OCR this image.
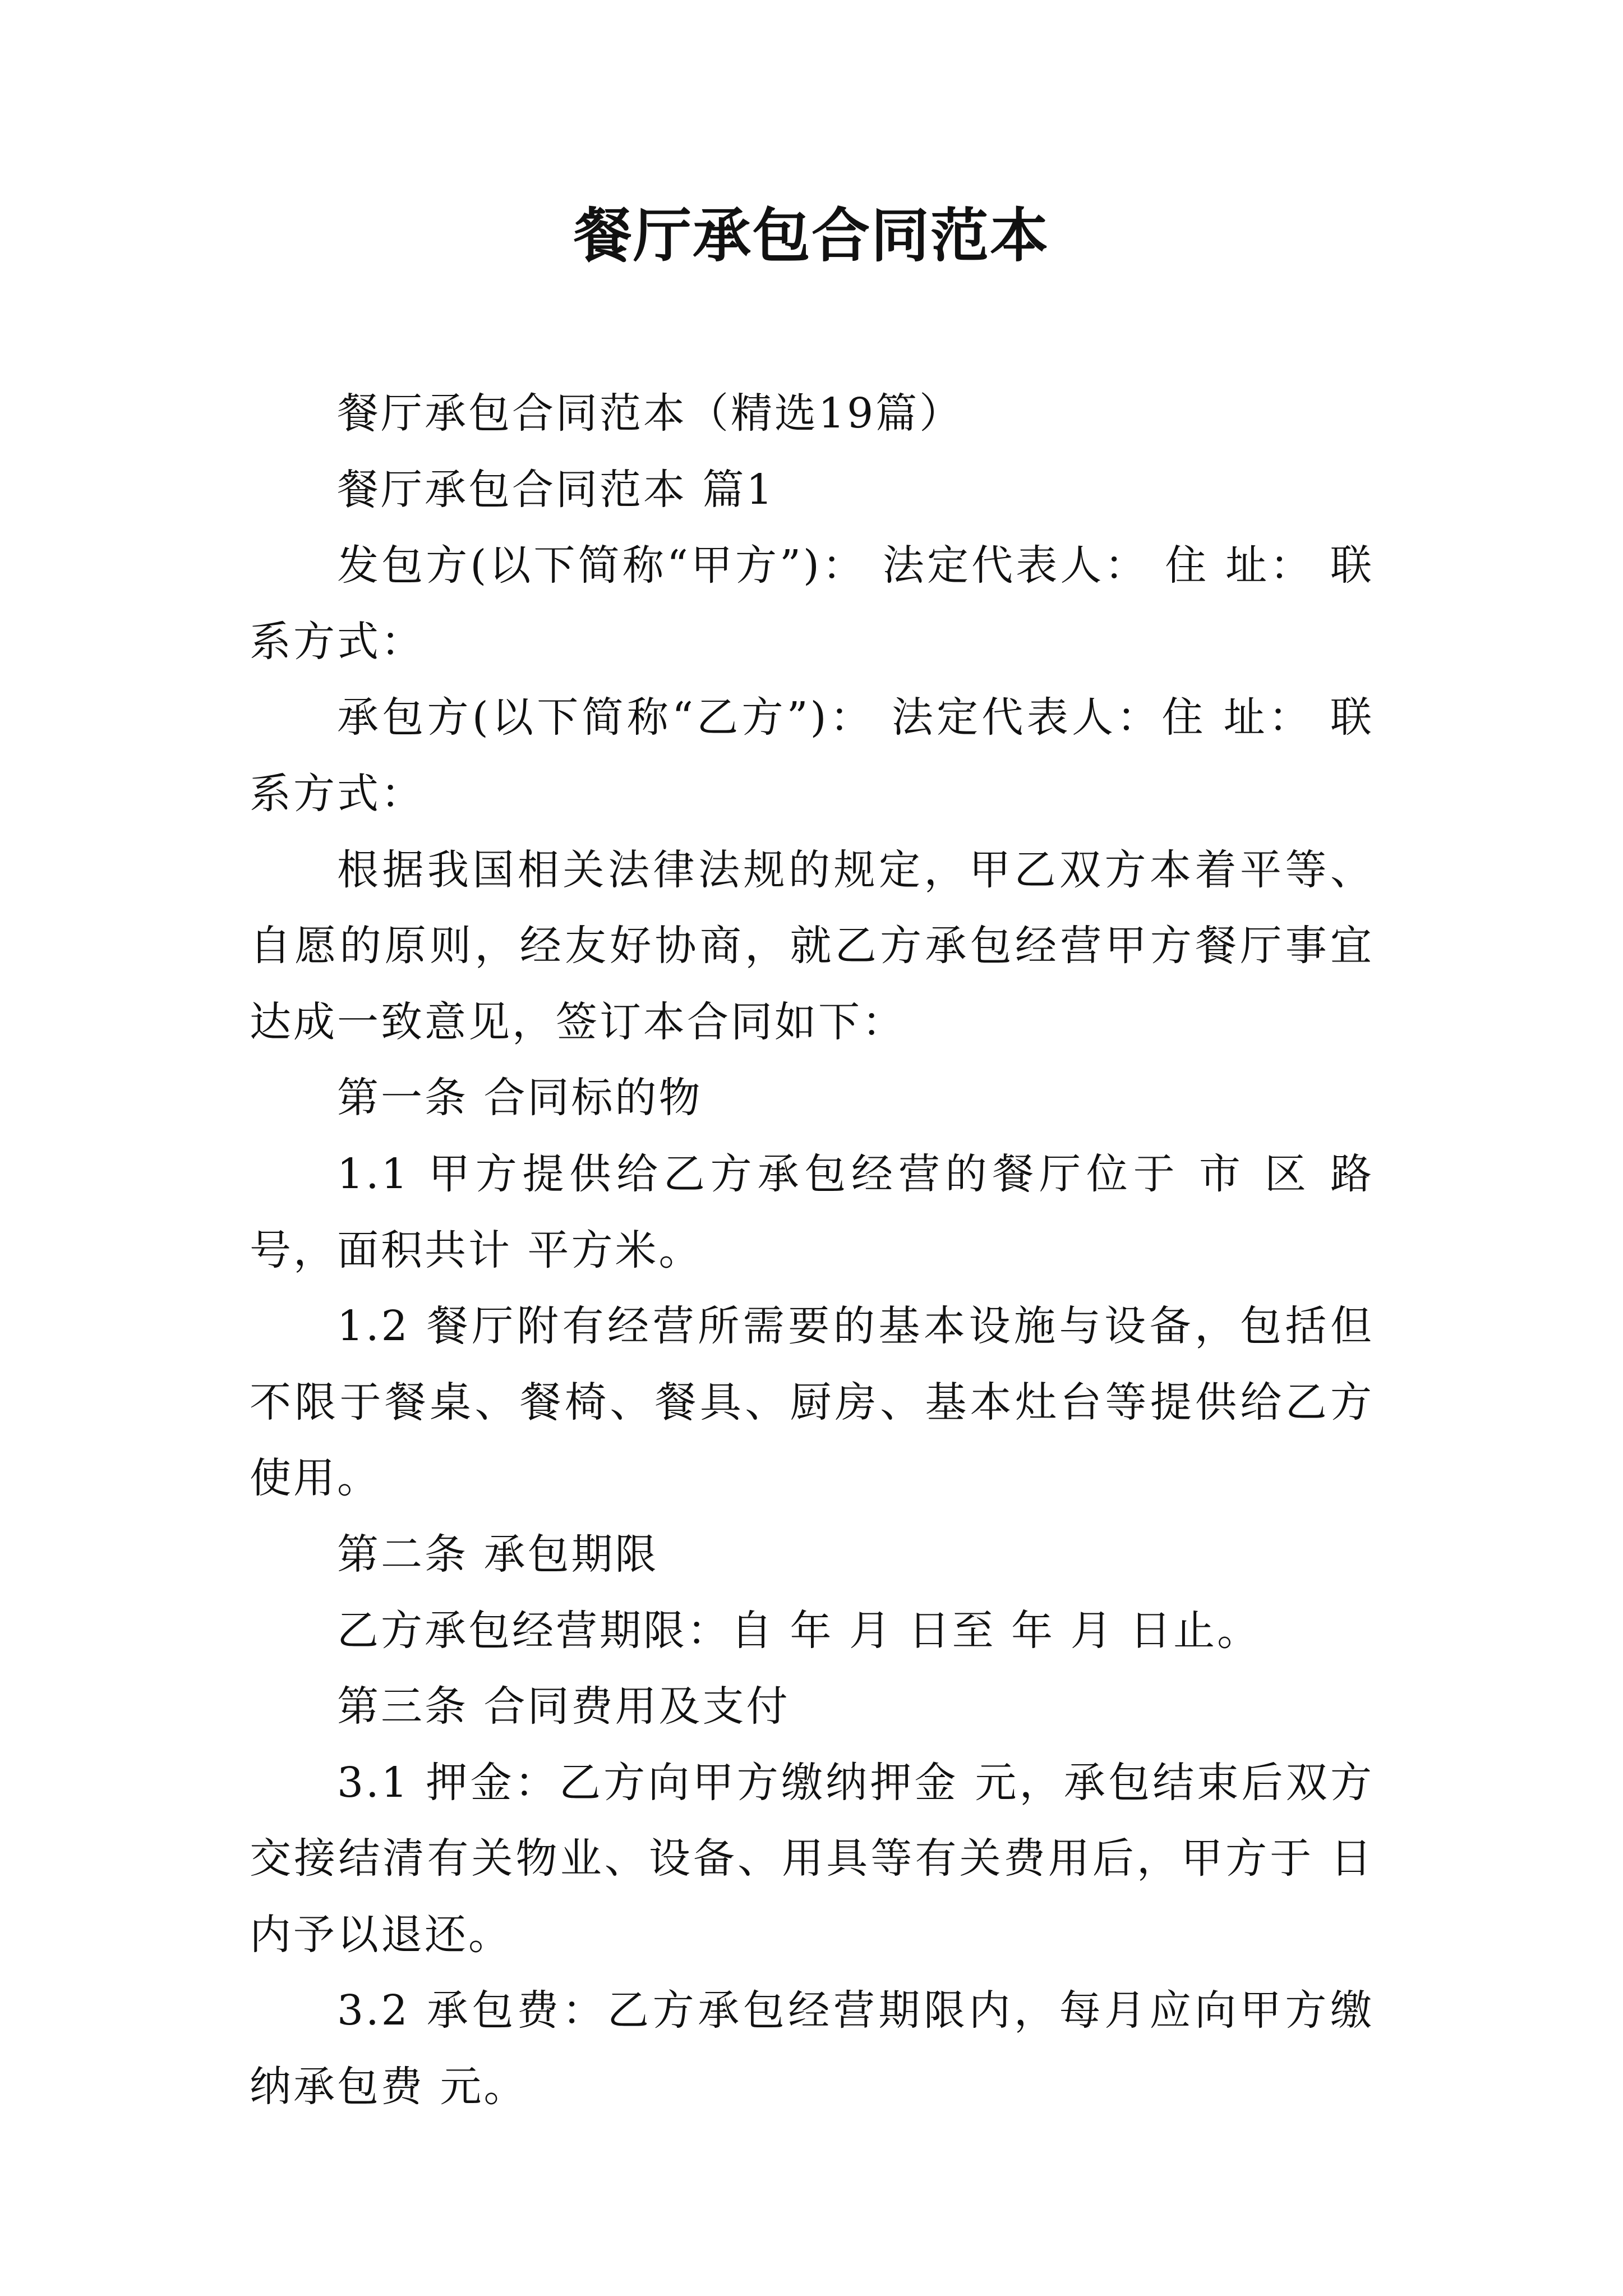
餐厅承包合同范本

餐厅承包合同范本（精选19篇）

餐厅承包合同范本 篇1

发包方(以下简称“甲方”)： 法定代表人： 住 址： 联系方式：

承包方(以下简称“乙方”)： 法定代表人：住 址： 联系方式：

根据我国相关法律法规的规定，甲乙双方本着平等、自愿的原则，经友好协商，就乙方承包经营甲方餐厅事宜达成一致意见，签订本合同如下：

第一条 合同标的物

1.1 甲方提供给乙方承包经营的餐厅位于 市 区 路 号，面积共计 平方米。

1.2 餐厅附有经营所需要的基本设施与设备，包括但不限于餐桌、餐椅、餐具、厨房、基本灶台等提供给乙方使用。

第二条 承包期限

乙方承包经营期限：自 年 月 日至 年 月 日止。

第三条 合同费用及支付

3.1 押金：乙方向甲方缴纳押金 元，承包结束后双方交接结清有关物业、设备、用具等有关费用后，甲方于 日内予以退还。

3.2 承包费：乙方承包经营期限内，每月应向甲方缴纳承包费 元。
